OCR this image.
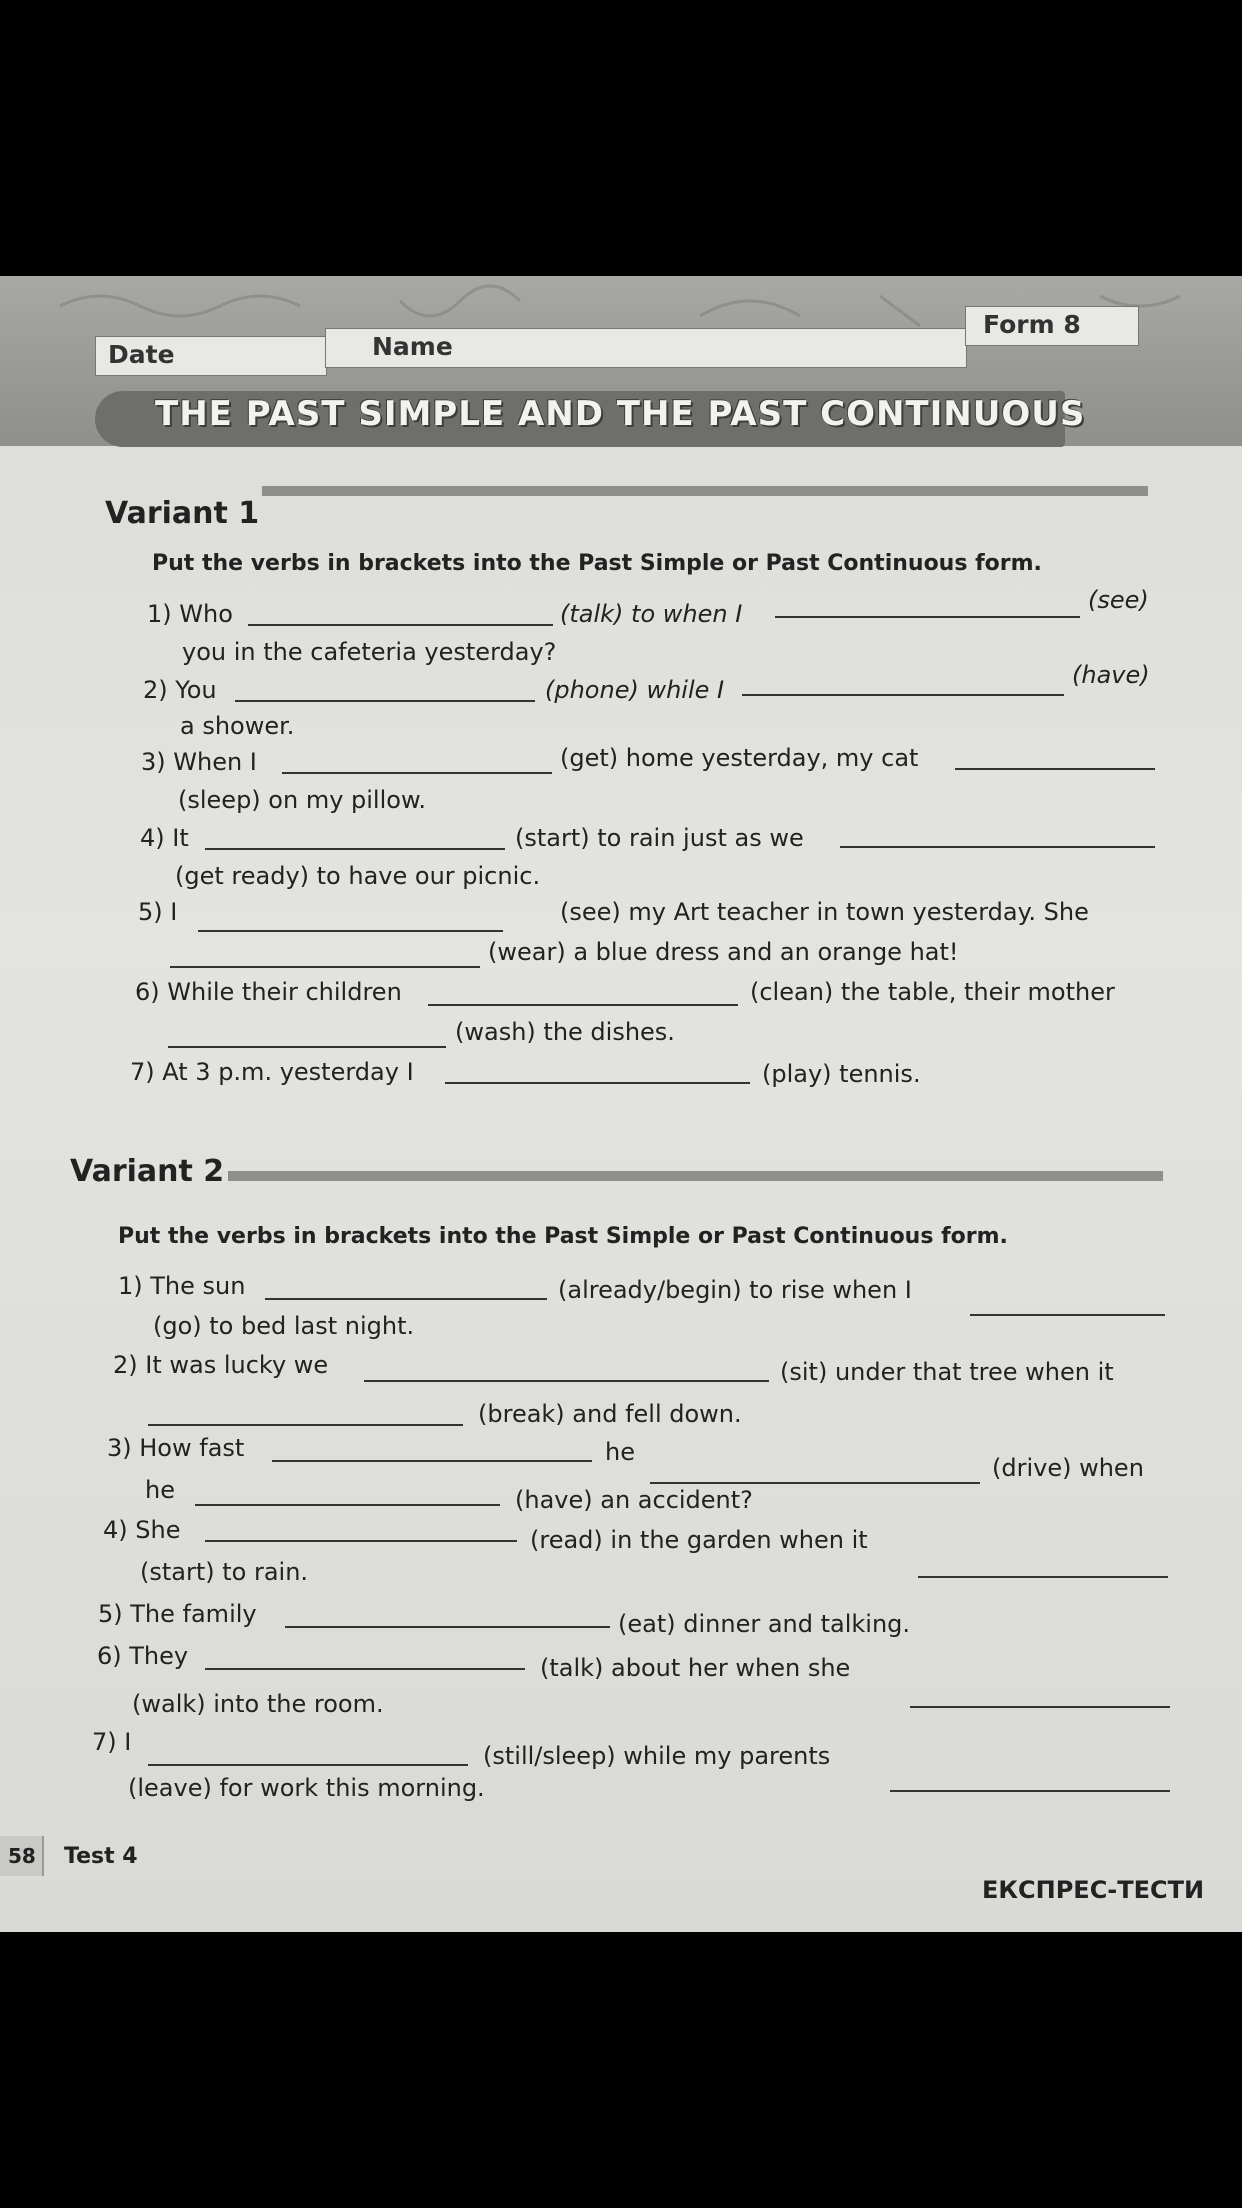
Date	Name
Form 8
THE PAST SIMPLE AND THE PAST CONTINUOUS
Variant 1
Put the verbs in brackets into the Past Simple or Past Continuous form.
1) Who	(talk) to when I	(see)
you in the cafeteria yesterday?
2) You	(phone) while I
(have)
a shower.
3) When I	(get) home yesterday, my cat
(sleep) on my pillow.
4) It	(start) to rain just as we
(get ready) to have our picnic.
5) I	(see) my Art teacher in town yesterday. She
(wear) a blue dress and an orange hat!
6) While their children	(clean) the table, their mother
(wash) the dishes.
7) At 3 p.m. yesterday I	(play) tennis.
Variant 2
Put the verbs in brackets into the Past Simple or Past Continuous form.
1) The sun	(already/begin) to rise when I
(go) to bed last night.
2) It was lucky we	(sit) under that tree when it
(break) and fell down.
3) How fast	he
(drive) when
he	(have) an accident?
4) She	(read) in the garden when it
(start) to rain.
5) The family	(eat) dinner and talking.
6) They	(talk) about her when she
(walk) into the room.
7) I	(still/sleep) while my parents
(leave) for work this morning.
58 Test 4
ЕКСПРЕС-ТЕСТИ
